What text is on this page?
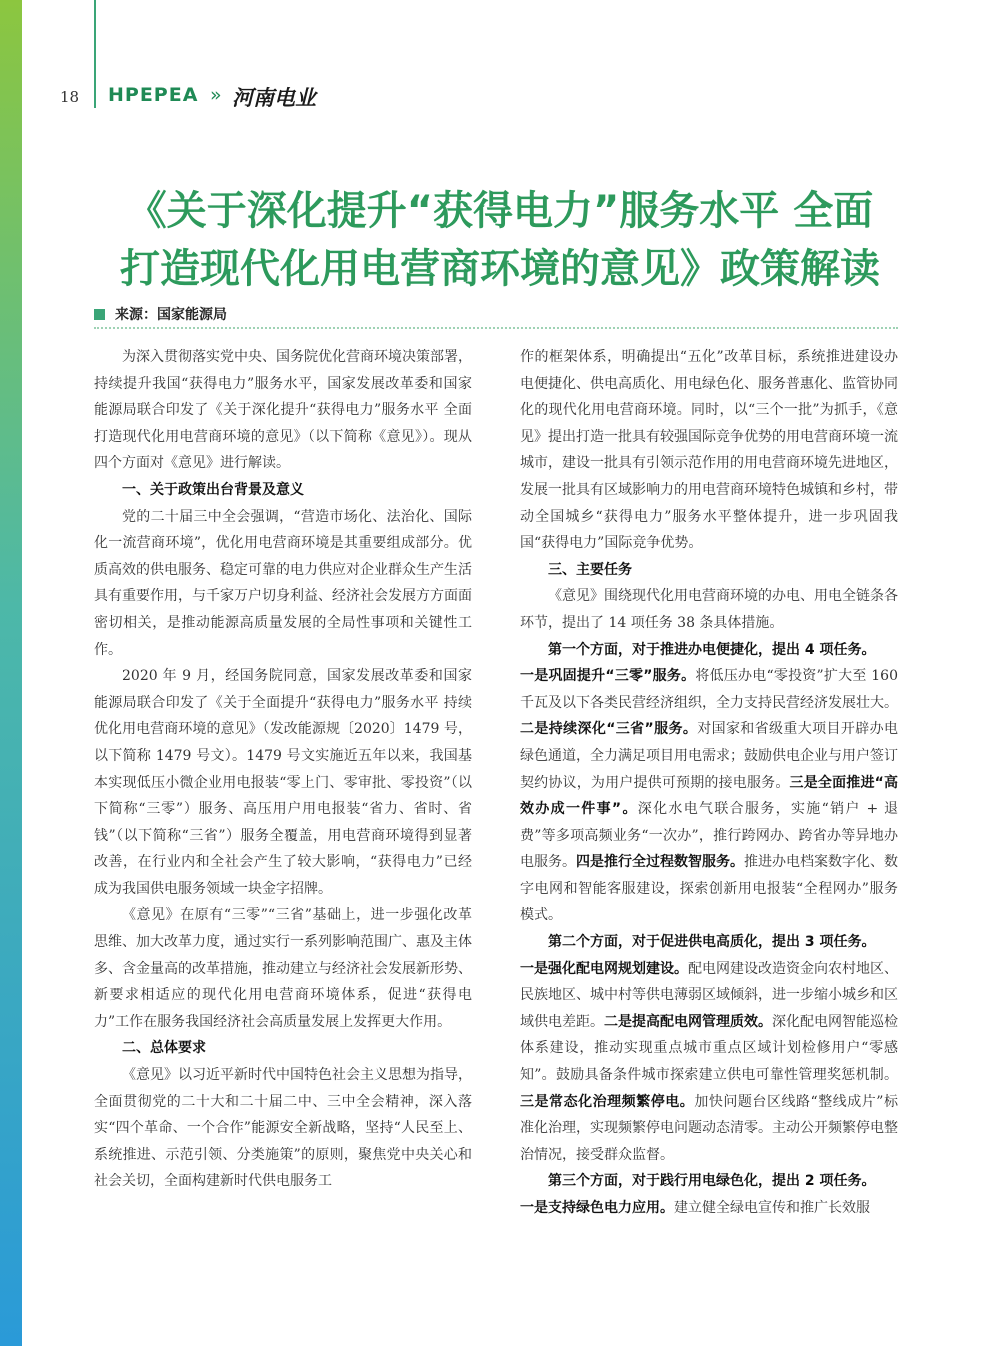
18 HPEPEA » 河南电业
《关于深化提升“获得电力”服务水平 全面
打造现代化用电营商环境的意见》政策解读
来源：国家能源局

为深入贯彻落实党中央、国务院优化营商环境决策部署，持续提升我国“获得电力”服务水平，国家发展改革委和国家能源局联合印发了《关于深化提升“获得电力”服务水平 全面打造现代化用电营商环境的意见》（以下简称《意见》）。现从四个方面对《意见》进行解读。

一、关于政策出台背景及意义

党的二十届三中全会强调，“营造市场化、法治化、国际化一流营商环境”，优化用电营商环境是其重要组成部分。优质高效的供电服务、稳定可靠的电力供应对企业群众生产生活具有重要作用，与千家万户切身利益、经济社会发展方方面面密切相关，是推动能源高质量发展的全局性事项和关键性工作。

2020 年 9 月，经国务院同意，国家发展改革委和国家能源局联合印发了《关于全面提升“获得电力”服务水平 持续优化用电营商环境的意见》（发改能源规〔2020〕1479 号，以下简称 1479 号文）。1479 号文实施近五年以来，我国基本实现低压小微企业用电报装“零上门、零审批、零投资”（以下简称“三零”）服务、高压用户用电报装“省力、省时、省钱”（以下简称“三省”）服务全覆盖，用电营商环境得到显著改善，在行业内和全社会产生了较大影响，“获得电力”已经成为我国供电服务领域一块金字招牌。

《意见》在原有“三零”“三省”基础上，进一步强化改革思维、加大改革力度，通过实行一系列影响范围广、惠及主体多、含金量高的改革措施，推动建立与经济社会发展新形势、新要求相适应的现代化用电营商环境体系，促进“获得电力”工作在服务我国经济社会高质量发展上发挥更大作用。

二、总体要求

《意见》以习近平新时代中国特色社会主义思想为指导，全面贯彻党的二十大和二十届二中、三中全会精神，深入落实“四个革命、一个合作”能源安全新战略，坚持“人民至上、系统推进、示范引领、分类施策”的原则，聚焦党中央关心和社会关切，全面构建新时代供电服务工

作的框架体系，明确提出“五化”改革目标，系统推进建设办电便捷化、供电高质化、用电绿色化、服务普惠化、监管协同化的现代化用电营商环境。同时，以“三个一批”为抓手，《意见》提出打造一批具有较强国际竞争优势的用电营商环境一流城市，建设一批具有引领示范作用的用电营商环境先进地区，发展一批具有区域影响力的用电营商环境特色城镇和乡村，带动全国城乡“获得电力”服务水平整体提升，进一步巩固我国“获得电力”国际竞争优势。

三、主要任务

《意见》围绕现代化用电营商环境的办电、用电全链条各环节，提出了 14 项任务 38 条具体措施。

第一个方面，对于推进办电便捷化，提出 4 项任务。

一是巩固提升“三零”服务。将低压办电“零投资”扩大至 160 千瓦及以下各类民营经济组织，全力支持民营经济发展壮大。二是持续深化“三省”服务。对国家和省级重大项目开辟办电绿色通道，全力满足项目用电需求；鼓励供电企业与用户签订契约协议，为用户提供可预期的接电服务。三是全面推进“高效办成一件事”。深化水电气联合服务，实施“销户 + 退费”等多项高频业务“一次办”，推行跨网办、跨省办等异地办电服务。四是推行全过程数智服务。推进办电档案数字化、数字电网和智能客服建设，探索创新用电报装“全程网办”服务模式。

第二个方面，对于促进供电高质化，提出 3 项任务。

一是强化配电网规划建设。配电网建设改造资金向农村地区、民族地区、城中村等供电薄弱区域倾斜，进一步缩小城乡和区域供电差距。二是提高配电网管理质效。深化配电网智能巡检体系建设，推动实现重点城市重点区域计划检修用户“零感知”。鼓励具备条件城市探索建立供电可靠性管理奖惩机制。三是常态化治理频繁停电。加快问题台区线路“整线成片”标准化治理，实现频繁停电问题动态清零。主动公开频繁停电整治情况，接受群众监督。

第三个方面，对于践行用电绿色化，提出 2 项任务。

一是支持绿色电力应用。建立健全绿电宣传和推广长效服
